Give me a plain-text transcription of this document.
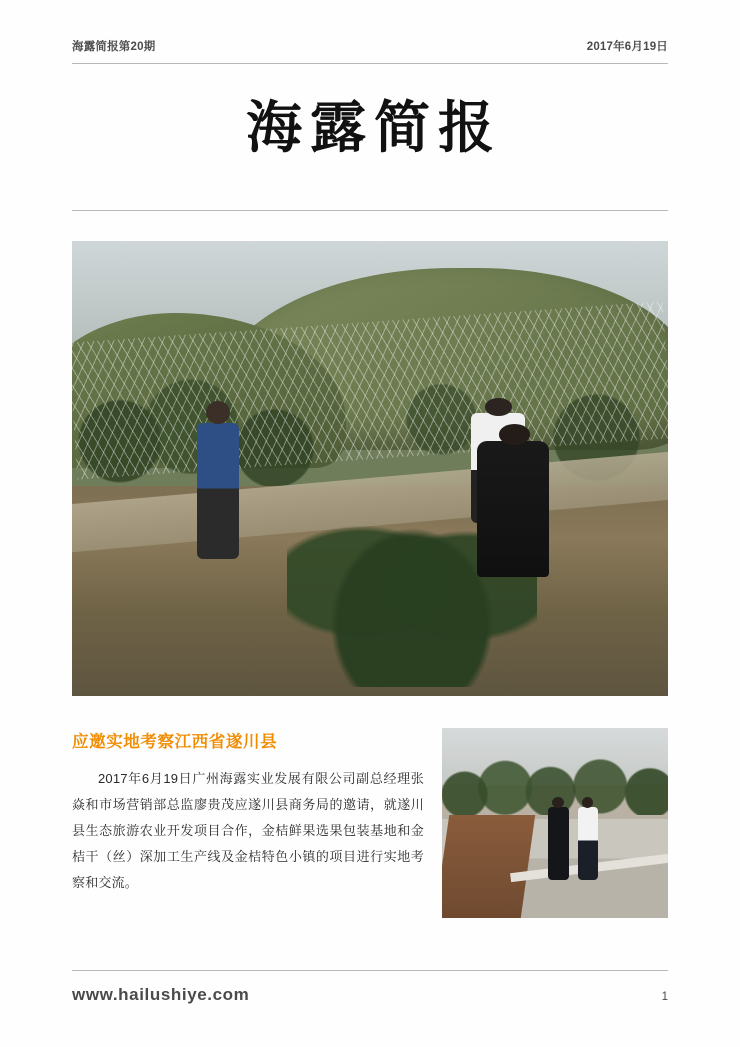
海露简报第20期	2017年6月19日
海露简报
应邀实地考察江西省遂川县

2017年6月19日广州海露实业发展有限公司副总经理张焱和市场营销部总监廖贵茂应遂川县商务局的邀请，就遂川县生态旅游农业开发项目合作，金桔鲜果选果包装基地和金桔干（丝）深加工生产线及金桔特色小镇的项目进行实地考察和交流。

www.hailushiye.com	1
